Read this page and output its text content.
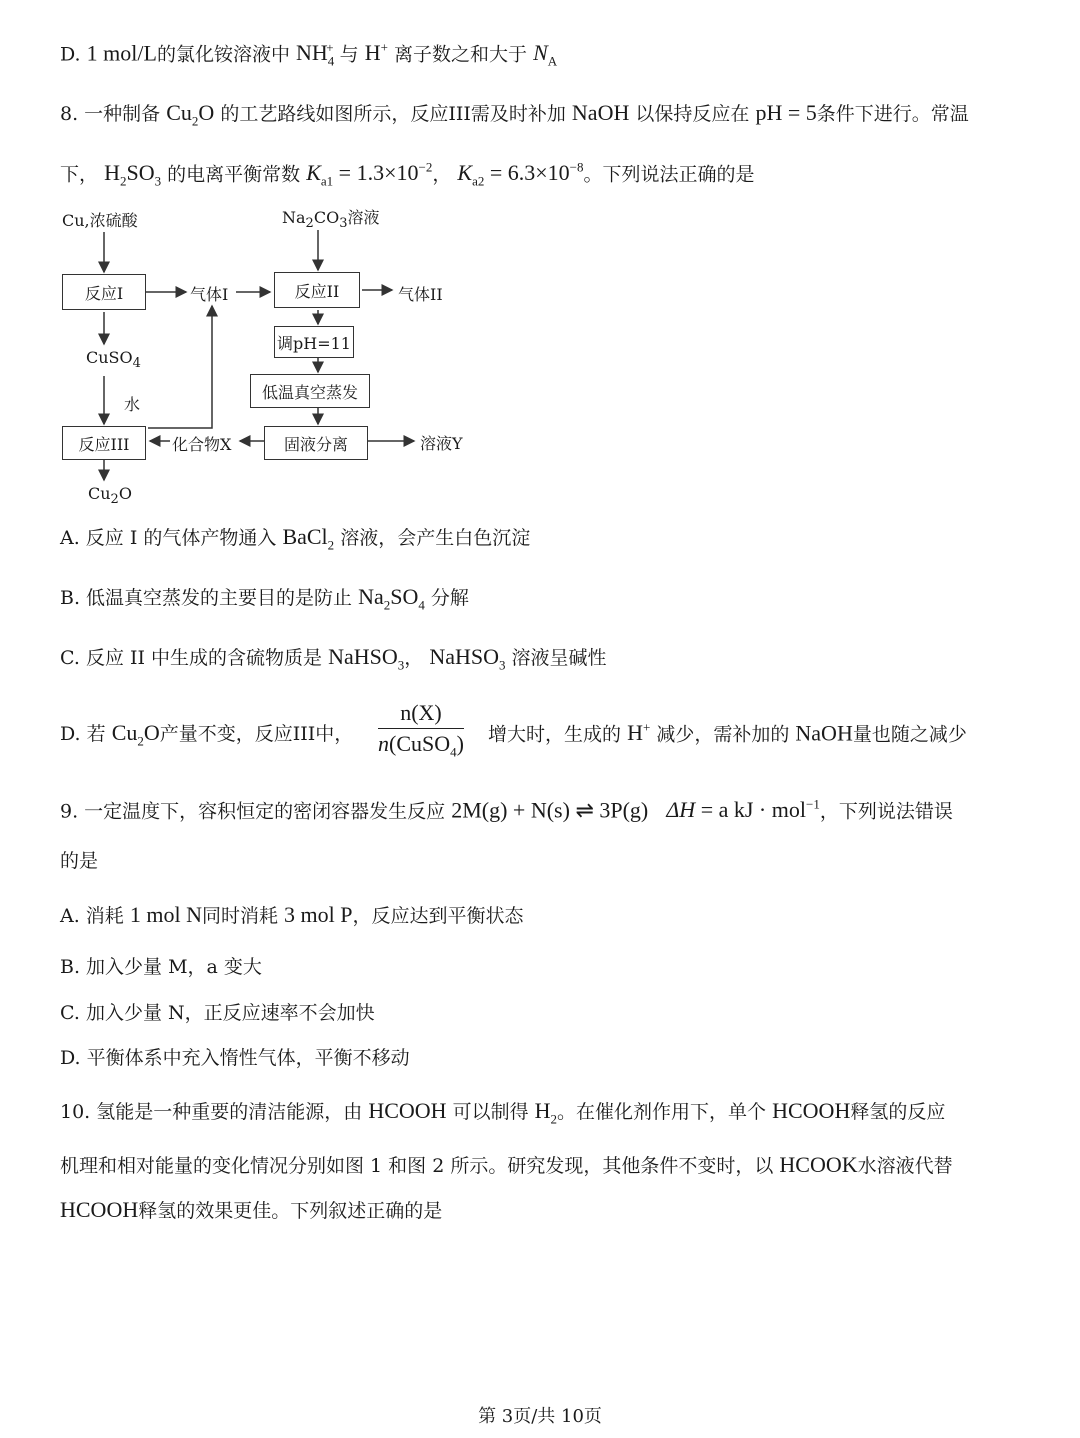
D. 1 mol/L的氯化铵溶液中 $NH_4^+$ 与 H+ 离子数之和大于 $N_A$
8. 一种制备 $Cu_2O$ 的工艺路线如图所示，反应III需及时补加 NaOH 以保持反应在 pH = 5条件下进行。常温
下， $H_2SO_3$ 的电离平衡常数 $K_{a1} = 1.3\times 10^{-2}$， $K_{a2} = 6.3\times 10^{-8}$。下列说法正确的是
Cu,浓硫酸	$Na_2CO_3$溶液
反应I	气体I	反应II	气体II
调pH=11
低温真空蒸发
固液分离	溶液Y
化合物X
CuSO$_4$
水
反应III
$Cu_2O$
A. 反应 I 的气体产物通入 BaCl$_2$ 溶液，会产生白色沉淀
B. 低温真空蒸发的主要目的是防止 $Na_2SO_4$ 分解
C. 反应 II 中生成的含硫物质是 NaHSO$_3$， NaHSO$_3$ 溶液呈碱性
D. 若 $Cu_2O$产量不变，反应III中，
n(X)
n(CuSO$_4$) 增大时，生成的 H+ 减少，需补加的 NaOH量也随之减少
9. 一定温度下，容积恒定的密闭容器发生反应 2M(g) + N(s) ⇌ 3P(g) ΔH = a kJ · mol$^{-1}$，下列说法错误
的是
A. 消耗 1 mol N同时消耗 3 mol P，反应达到平衡状态
B. 加入少量 M，a 变大
C. 加入少量 N，正反应速率不会加快
D. 平衡体系中充入惰性气体，平衡不移动
10. 氢能是一种重要的清洁能源，由 HCOOH 可以制得 $H_2$。在催化剂作用下，单个 HCOOH释氢的反应
机理和相对能量的变化情况分别如图 1 和图 2 所示。研究发现，其他条件不变时，以 HCOOK水溶液代替
HCOOH释氢的效果更佳。下列叙述正确的是
第 3页/共 10页
